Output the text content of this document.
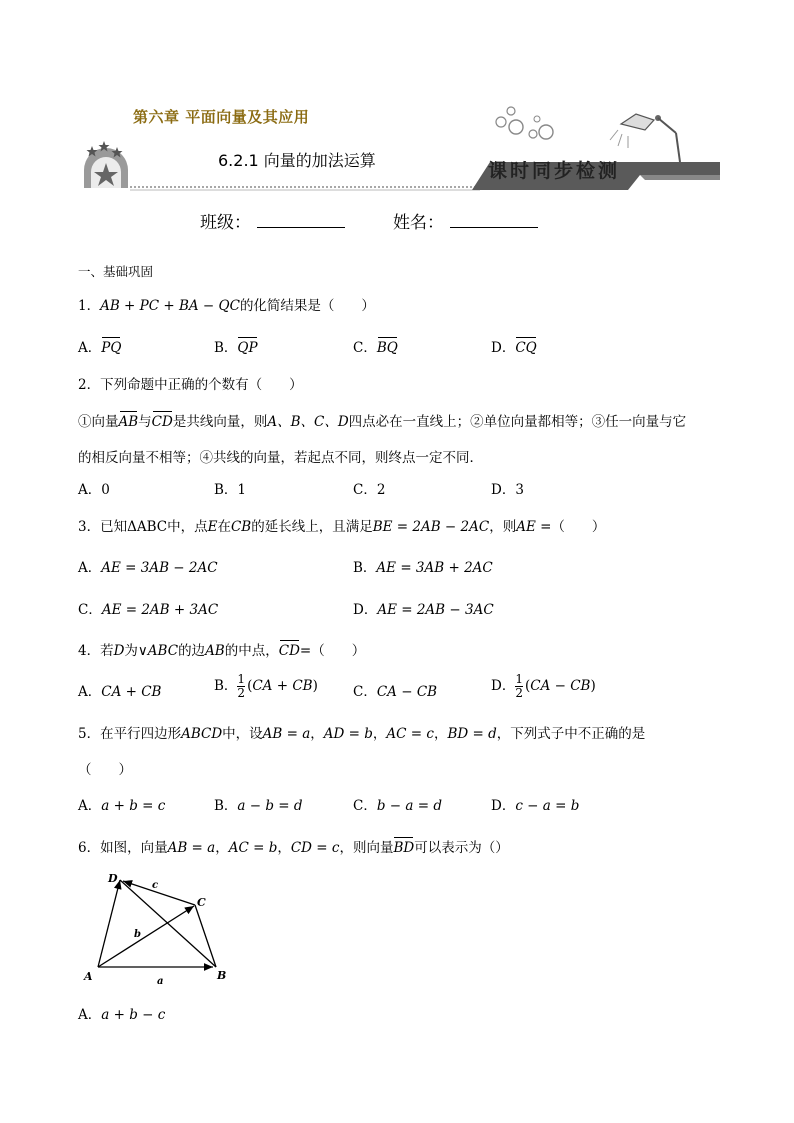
第六章 平面向量及其应用
6.2.1 向量的加法运算	课时同步检测
班级：	姓名：
一、基础巩固
1．AB + PC + BA − QC的化简结果是（　　）
A．PQ	B．QP	C．BQ	D．CQ
2．下列命题中正确的个数有（　　）
①向量AB与CD是共线向量，则A、B、C、D四点必在一直线上；②单位向量都相等；③任一向量与它
的相反向量不相等；④共线的向量，若起点不同，则终点一定不同．
A．0	B．1	C．2	D．3
3．已知ΔABC中，点E在CB的延长线上，且满足BE = 2AB − 2AC，则AE =（　　）
A．AE = 3AB − 2AC	B．AE = 3AB + 2AC
C．AE = 2AB + 3AC	D．AE = 2AB − 3AC
4．若D为∨ABC的边AB的中点，CD=（　　）
A．CA + CB	B． $\frac{1}{2} (CA + CB)$	C．CA − CB	D． $\frac{1}{2} (CA - CB)$
5．在平行四边形ABCD中，设AB = a，AD = b，AC = c，BD = d，下列式子中不正确的是
（　　）
A．a + b = c	B．a − b = d	C．b − a = d	D．c − a = b
6．如图，向量AB = a，AC = b，CD = c，则向量BD可以表示为（）
D
C
A	B
a
b
c
A．a + b − c
